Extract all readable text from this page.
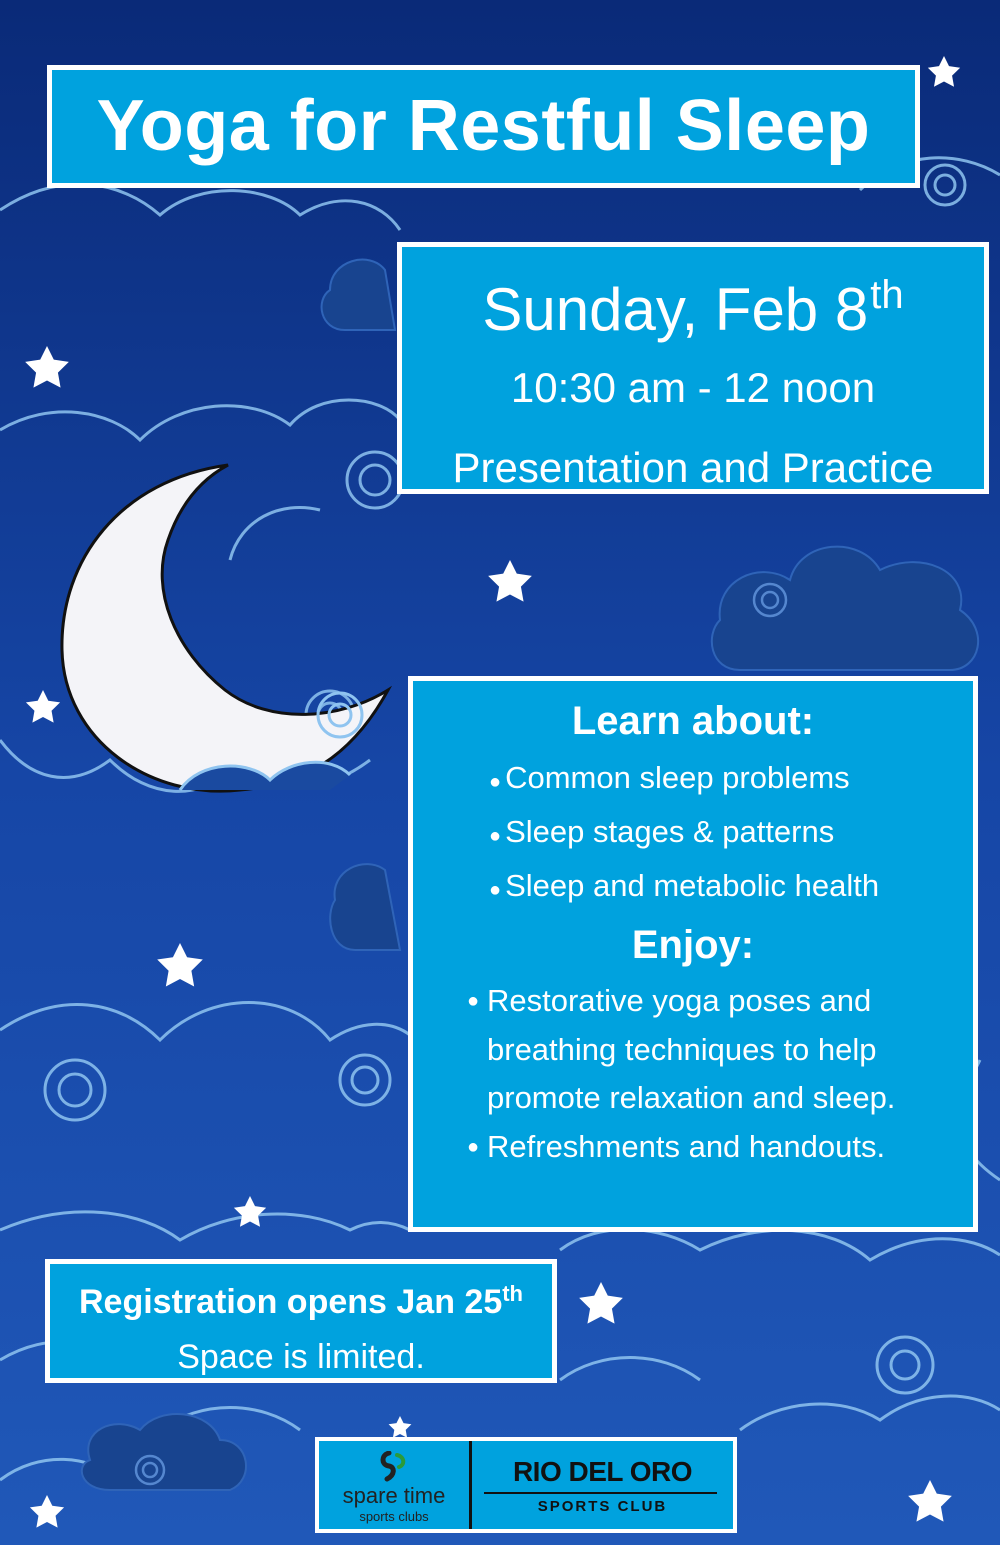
Yoga for Restful Sleep
Sunday, Feb 8th
10:30 am - 12 noon
Presentation and Practice
Learn about:
● Common sleep problems
● Sleep stages & patterns
● Sleep and metabolic health
Enjoy:
● Restorative yoga poses and breathing techniques to help promote relaxation and sleep.
● Refreshments and handouts.
Registration opens Jan 25th
Space is limited.
spare time
sports clubs
RIO DEL ORO
SPORTS CLUB
